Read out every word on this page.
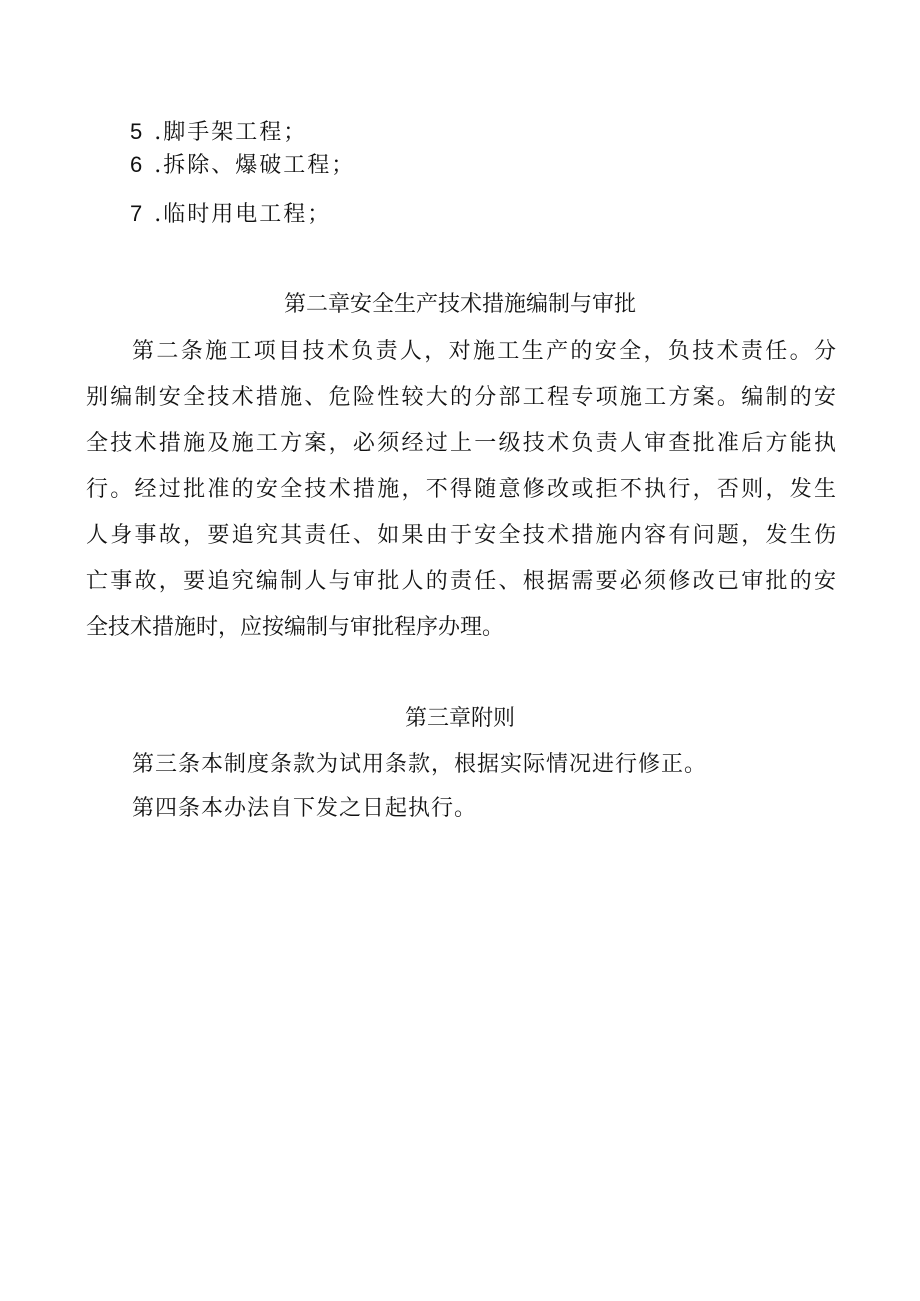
5 .脚手架工程；
6 .拆除、爆破工程；
7 .临时用电工程；
第二章安全生产技术措施编制与审批
第二条施工项目技术负责人，对施工生产的安全，负技术责任。分
别编制安全技术措施、危险性较大的分部工程专项施工方案。编制的安
全技术措施及施工方案，必须经过上一级技术负责人审查批准后方能执
行。经过批准的安全技术措施，不得随意修改或拒不执行，否则，发生
人身事故，要追究其责任、如果由于安全技术措施内容有问题，发生伤
亡事故，要追究编制人与审批人的责任、根据需要必须修改已审批的安
全技术措施时，应按编制与审批程序办理。
第三章附则
第三条本制度条款为试用条款，根据实际情况进行修正。
第四条本办法自下发之日起执行。
